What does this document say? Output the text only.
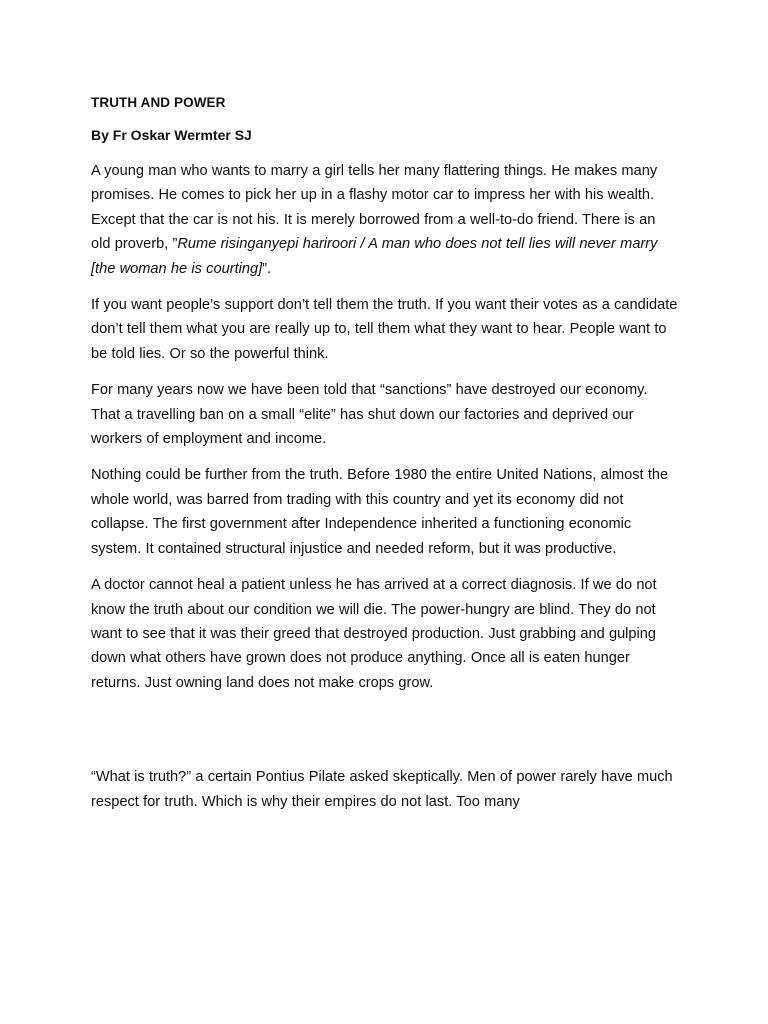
TRUTH AND POWER
By Fr Oskar Wermter SJ

A young man who wants to marry a girl tells her many flattering things. He makes many promises. He comes to pick her up in a flashy motor car to impress her with his wealth. Except that the car is not his. It is merely borrowed from a well-to-do friend. There is an old proverb, ”Rume risinganyepi hariroori / A man who does not tell lies will never marry [the woman he is courting]”.

If you want people’s support don’t tell them the truth. If you want their votes as a candidate don’t tell them what you are really up to, tell them what they want to hear. People want to be told lies. Or so the powerful think.

For many years now we have been told that “sanctions” have destroyed our economy. That a travelling ban on a small “elite” has shut down our factories and deprived our workers of employment and income.

Nothing could be further from the truth. Before 1980 the entire United Nations, almost the whole world, was barred from trading with this country and yet its economy did not collapse. The first government after Independence inherited a functioning economic system. It contained structural injustice and needed reform, but it was productive.

A doctor cannot heal a patient unless he has arrived at a correct diagnosis. If we do not know the truth about our condition we will die. The power-hungry are blind. They do not want to see that it was their greed that destroyed production. Just grabbing and gulping down what others have grown does not produce anything. Once all is eaten hunger returns. Just owning land does not make crops grow.

“What is truth?” a certain Pontius Pilate asked skeptically. Men of power rarely have much respect for truth. Which is why their empires do not last. Too many
